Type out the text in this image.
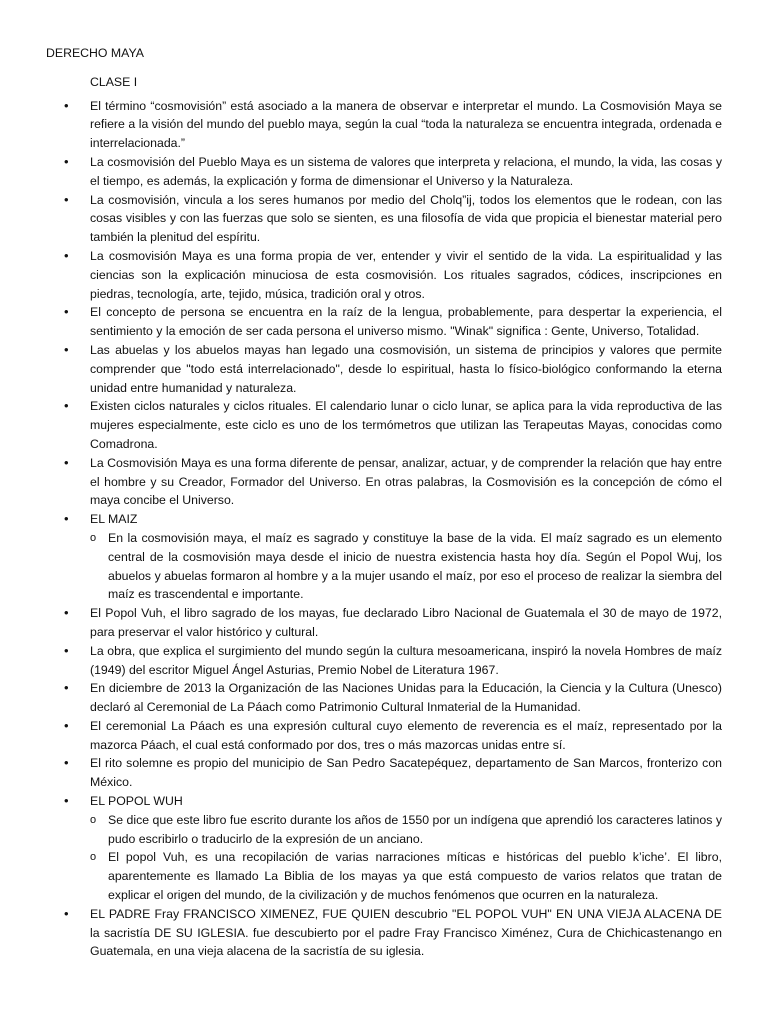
DERECHO MAYA
CLASE I
• El término “cosmovisión” está asociado a la manera de observar e interpretar el mundo. La Cosmovisión Maya se refiere a la visión del mundo del pueblo maya, según la cual “toda la naturaleza se encuentra integrada, ordenada e interrelacionada.”
• La cosmovisión del Pueblo Maya es un sistema de valores que interpreta y relaciona, el mundo, la vida, las cosas y el tiempo, es además, la explicación y forma de dimensionar el Universo y la Naturaleza.
• La cosmovisión, vincula a los seres humanos por medio del Cholq”ij, todos los elementos que le rodean, con las cosas visibles y con las fuerzas que solo se sienten, es una filosofía de vida que propicia el bienestar material pero también la plenitud del espíritu.
• La cosmovisión Maya es una forma propia de ver, entender y vivir el sentido de la vida. La espiritualidad y las ciencias son la explicación minuciosa de esta cosmovisión. Los rituales sagrados, códices, inscripciones en piedras, tecnología, arte, tejido, música, tradición oral y otros.
• El concepto de persona se encuentra en la raíz de la lengua, probablemente, para despertar la experiencia, el sentimiento y la emoción de ser cada persona el universo mismo. "Winak" significa : Gente, Universo, Totalidad.
• Las abuelas y los abuelos mayas han legado una cosmovisión, un sistema de principios y valores que permite comprender que "todo está interrelacionado", desde lo espiritual, hasta lo físico-biológico conformando la eterna unidad entre humanidad y naturaleza.
• Existen ciclos naturales y ciclos rituales. El calendario lunar o ciclo lunar, se aplica para la vida reproductiva de las mujeres especialmente, este ciclo es uno de los termómetros que utilizan las Terapeutas Mayas, conocidas como Comadrona.
• La Cosmovisión Maya es una forma diferente de pensar, analizar, actuar, y de comprender la relación que hay entre el hombre y su Creador, Formador del Universo. En otras palabras, la Cosmovisión es la concepción de cómo el maya concibe el Universo.
• EL MAIZ
o En la cosmovisión maya, el maíz es sagrado y constituye la base de la vida. El maíz sagrado es un elemento central de la cosmovisión maya desde el inicio de nuestra existencia hasta hoy día. Según el Popol Wuj, los abuelos y abuelas formaron al hombre y a la mujer usando el maíz, por eso el proceso de realizar la siembra del maíz es trascendental e importante.
• El Popol Vuh, el libro sagrado de los mayas, fue declarado Libro Nacional de Guatemala el 30 de mayo de 1972, para preservar el valor histórico y cultural.
• La obra, que explica el surgimiento del mundo según la cultura mesoamericana, inspiró la novela Hombres de maíz (1949) del escritor Miguel Ángel Asturias, Premio Nobel de Literatura 1967.
• En diciembre de 2013 la Organización de las Naciones Unidas para la Educación, la Ciencia y la Cultura (Unesco) declaró al Ceremonial de La Páach como Patrimonio Cultural Inmaterial de la Humanidad.
• El ceremonial La Páach es una expresión cultural cuyo elemento de reverencia es el maíz, representado por la mazorca Páach, el cual está conformado por dos, tres o más mazorcas unidas entre sí.
• El rito solemne es propio del municipio de San Pedro Sacatepéquez, departamento de San Marcos, fronterizo con México.
• EL POPOL WUH
o Se dice que este libro fue escrito durante los años de 1550 por un indígena que aprendió los caracteres latinos y pudo escribirlo o traducirlo de la expresión de un anciano.
o El popol Vuh, es una recopilación de varias narraciones míticas e históricas del pueblo k’iche’. El libro, aparentemente es llamado La Biblia de los mayas ya que está compuesto de varios relatos que tratan de explicar el origen del mundo, de la civilización y de muchos fenómenos que ocurren en la naturaleza.
• EL PADRE Fray FRANCISCO XIMENEZ, FUE QUIEN descubrio "EL POPOL VUH" EN UNA VIEJA ALACENA DE la sacristía DE SU IGLESIA. fue descubierto por el padre Fray Francisco Ximénez, Cura de Chichicastenango en Guatemala, en una vieja alacena de la sacristía de su iglesia.
